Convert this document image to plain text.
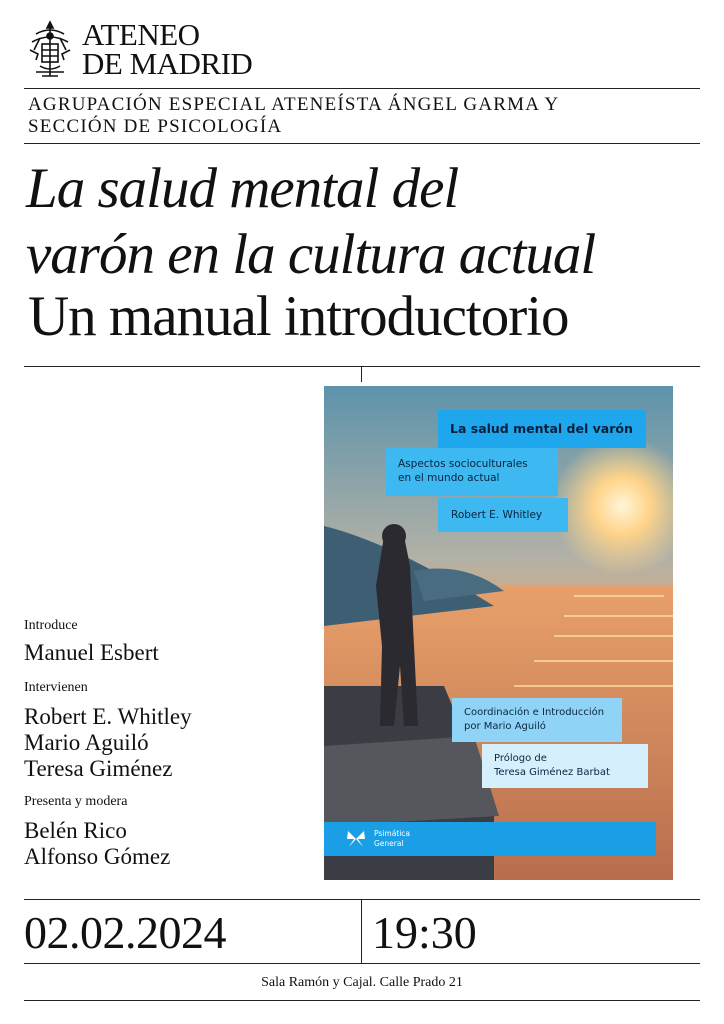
ATENEO
DE MADRID
AGRUPACIÓN ESPECIAL ATENEÍSTA ÁNGEL GARMA Y
SECCIÓN DE PSICOLOGÍA
La salud mental del
varón en la cultura actual
Un manual introductorio
Introduce
Manuel Esbert
Intervienen
Robert E. Whitley
Mario Aguiló
Teresa Giménez
Presenta y modera
Belén Rico
Alfonso Gómez
La salud mental del varón
Aspectos socioculturales
en el mundo actual
Robert E. Whitley
Coordinación e Introducción
por Mario Aguiló
Prólogo de
Teresa Giménez Barbat
Psimática
General
02.02.2024	19:30
Sala Ramón y Cajal. Calle Prado 21
